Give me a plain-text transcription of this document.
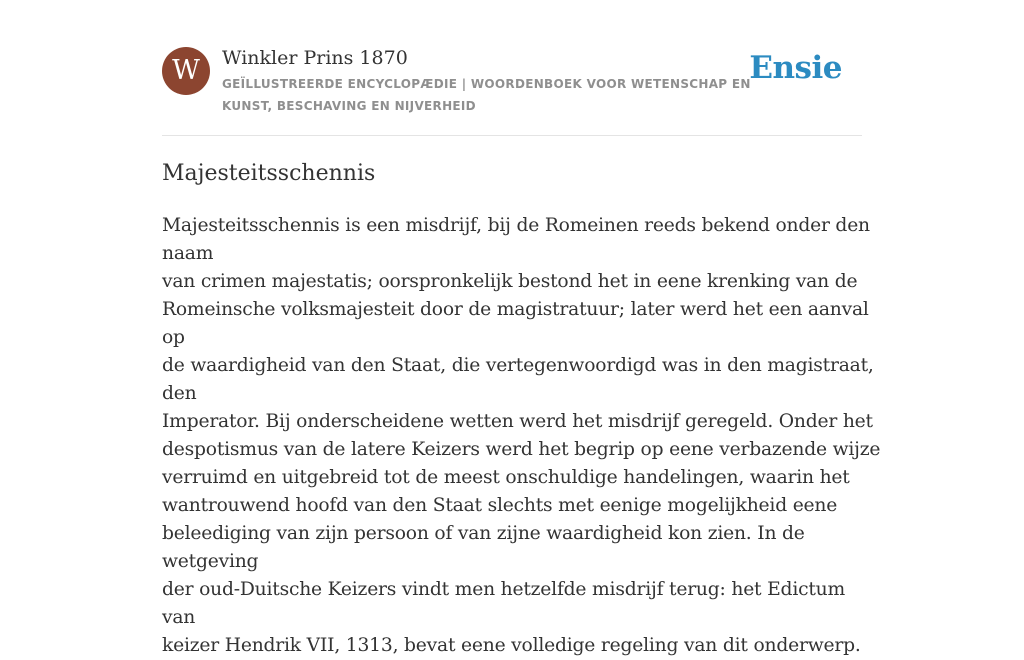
W	Winkler Prins 1870
GEÏLLUSTREERDE ENCYCLOPÆDIE | WOORDENBOEK VOOR WETENSCHAP EN KUNST, BESCHAVING EN NIJVERHEID
Ensie
Majesteitsschennis

Majesteitsschennis is een misdrijf, bij de Romeinen reeds bekend onder den naam
van crimen majestatis; oorspronkelijk bestond het in eene krenking van de
Romeinsche volksmajesteit door de magistratuur; later werd het een aanval op
de waardigheid van den Staat, die vertegenwoordigd was in den magistraat, den
Imperator. Bij onderscheidene wetten werd het misdrijf geregeld. Onder het
despotismus van de latere Keizers werd het begrip op eene verbazende wijze
verruimd en uitgebreid tot de meest onschuldige handelingen, waarin het
wantrouwend hoofd van den Staat slechts met eenige mogelijkheid eene
beleediging van zijn persoon of van zijne waardigheid kon zien. In de wetgeving
der oud-Duitsche Keizers vindt men hetzelfde misdrijf terug: het Edictum van
keizer Hendrik VII, 1313, bevat eene volledige regeling van dit onderwerp.
